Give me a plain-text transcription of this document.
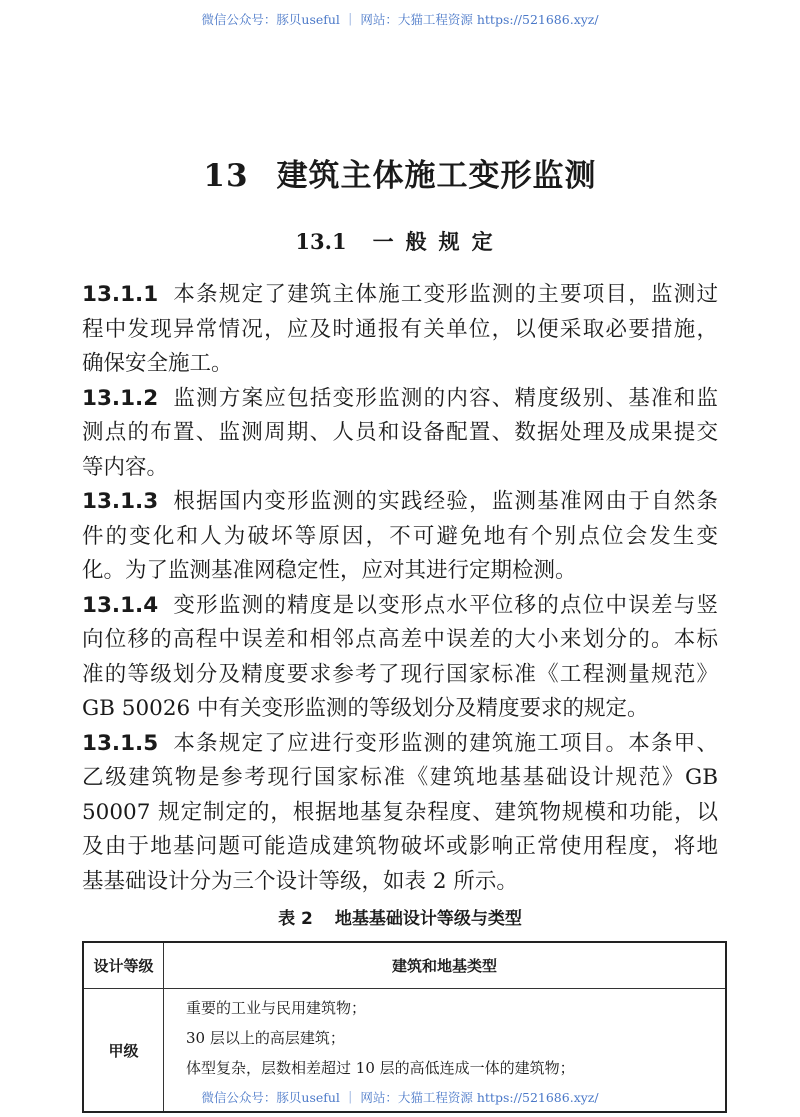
微信公众号：豚贝useful ｜ 网站：大猫工程资源 https://521686.xyz/
13 建筑主体施工变形监测
13.1 一般规定
13.1.1 本条规定了建筑主体施工变形监测的主要项目，监测过
程中发现异常情况，应及时通报有关单位，以便采取必要措施，
确保安全施工。
13.1.2 监测方案应包括变形监测的内容、精度级别、基准和监
测点的布置、监测周期、人员和设备配置、数据处理及成果提交
等内容。
13.1.3 根据国内变形监测的实践经验，监测基准网由于自然条
件的变化和人为破坏等原因，不可避免地有个别点位会发生变
化。为了监测基准网稳定性，应对其进行定期检测。
13.1.4 变形监测的精度是以变形点水平位移的点位中误差与竖
向位移的高程中误差和相邻点高差中误差的大小来划分的。本标
准的等级划分及精度要求参考了现行国家标准《工程测量规范》
GB 50026 中有关变形监测的等级划分及精度要求的规定。
13.1.5 本条规定了应进行变形监测的建筑施工项目。本条甲、
乙级建筑物是参考现行国家标准《建筑地基基础设计规范》GB
50007 规定制定的，根据地基复杂程度、建筑物规模和功能，以
及由于地基问题可能造成建筑物破坏或影响正常使用程度，将地
基基础设计分为三个设计等级，如表 2 所示。
表 2 地基基础设计等级与类型
设计等级	建筑和地基类型
甲级	重要的工业与民用建筑物；
30 层以上的高层建筑；
体型复杂，层数相差超过 10 层的高低连成一体的建筑物；
微信公众号：豚贝useful ｜ 网站：大猫工程资源 https://521686.xyz/
